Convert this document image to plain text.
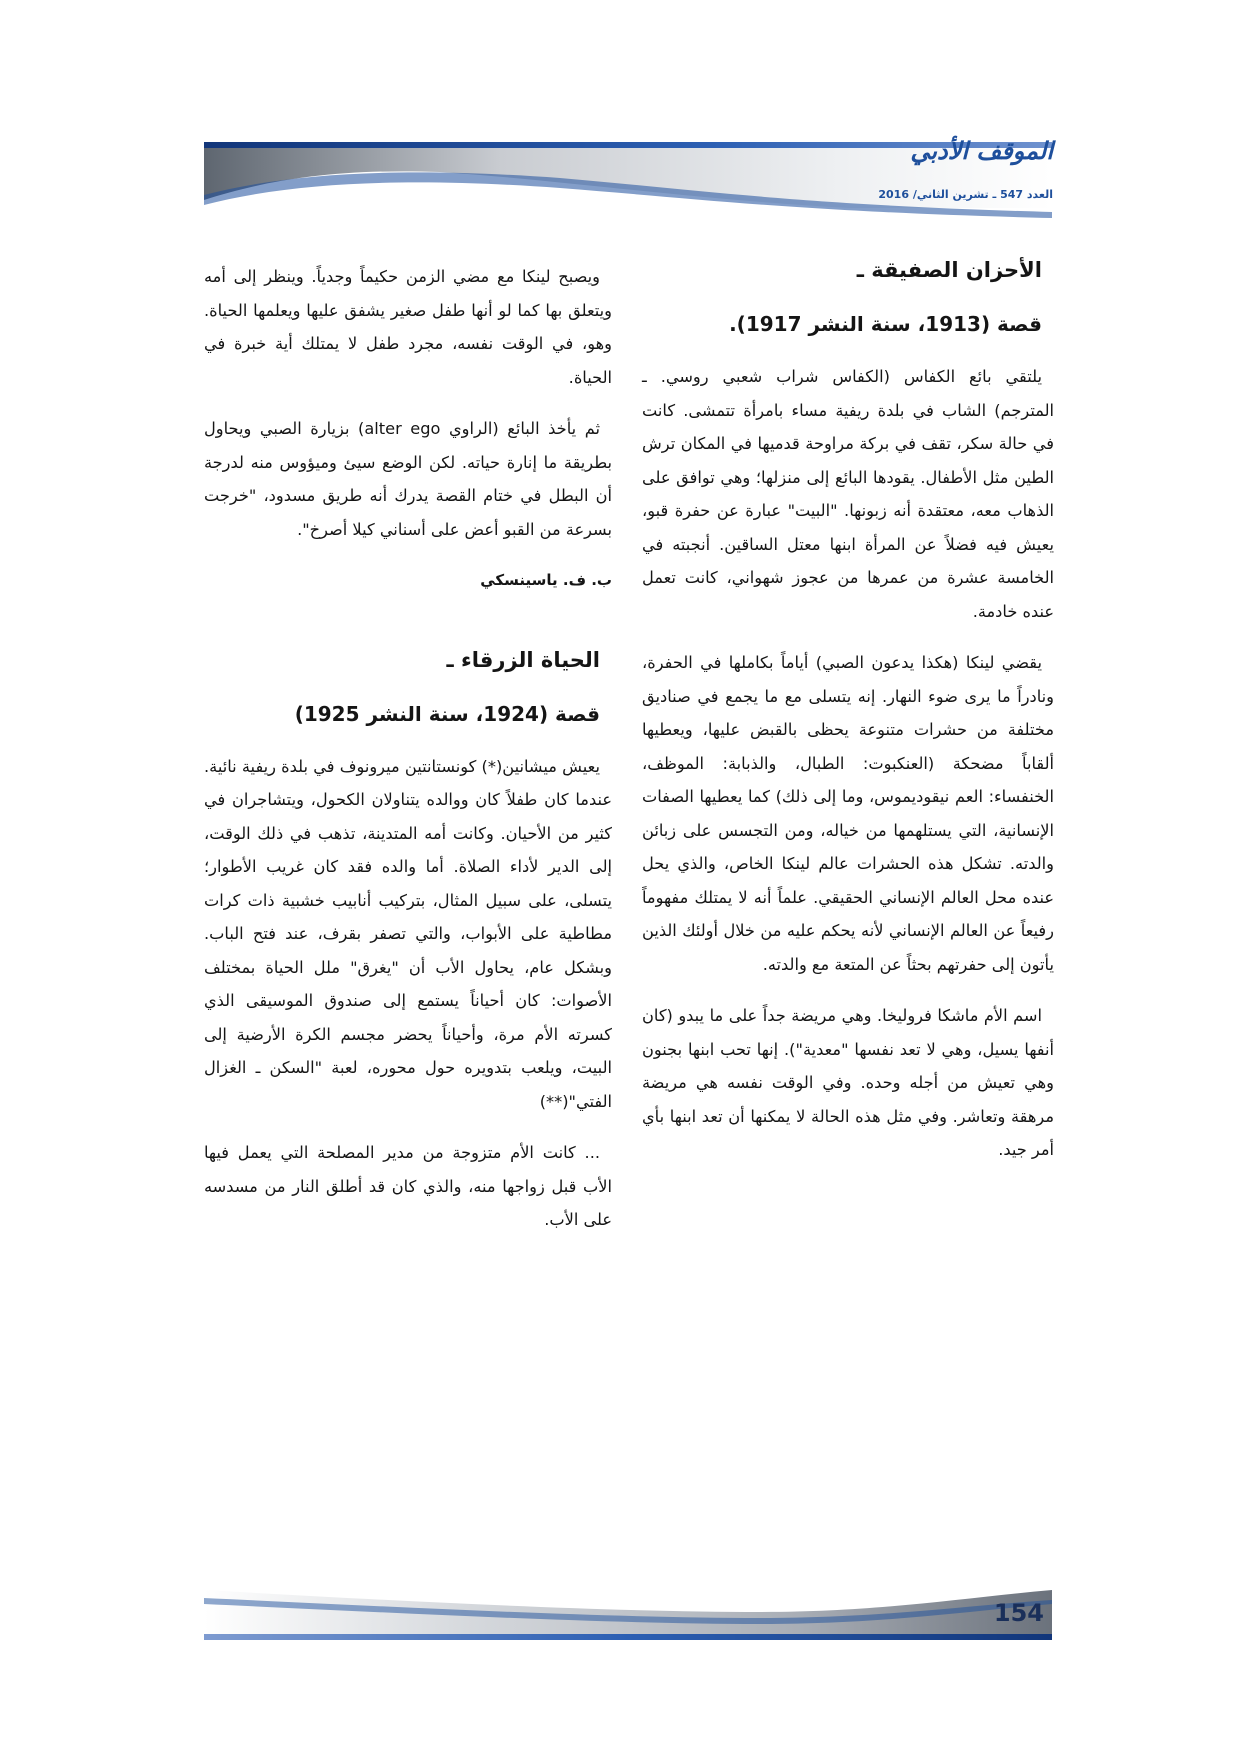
الموقف الأدبي
العدد 547 ـ تشرين الثاني/ 2016

الأحزان الصفيقة ـ

قصة (1913، سنة النشر 1917).

يلتقي بائع الكفاس (الكفاس شراب شعبي روسي. ـ المترجم) الشاب في بلدة ريفية مساء بامرأة تتمشى. كانت في حالة سكر، تقف في بركة مراوحة قدميها في المكان ترش الطين مثل الأطفال. يقودها البائع إلى منزلها؛ وهي توافق على الذهاب معه، معتقدة أنه زبونها. "البيت" عبارة عن حفرة قبو، يعيش فيه فضلاً عن المرأة ابنها معتل الساقين. أنجبته في الخامسة عشرة من عمرها من عجوز شهواني، كانت تعمل عنده خادمة.

يقضي لينكا (هكذا يدعون الصبي) أياماً بكاملها في الحفرة، ونادراً ما يرى ضوء النهار. إنه يتسلى مع ما يجمع في صناديق مختلفة من حشرات متنوعة يحظى بالقبض عليها، ويعطيها ألقاباً مضحكة (العنكبوت: الطبال، والذبابة: الموظف، الخنفساء: العم نيقوديموس، وما إلى ذلك) كما يعطيها الصفات الإنسانية، التي يستلهمها من خياله، ومن التجسس على زبائن والدته. تشكل هذه الحشرات عالم لينكا الخاص، والذي يحل عنده محل العالم الإنساني الحقيقي. علماً أنه لا يمتلك مفهوماً رفيعاً عن العالم الإنساني لأنه يحكم عليه من خلال أولئك الذين يأتون إلى حفرتهم بحثاً عن المتعة مع والدته.

اسم الأم ماشكا فروليخا. وهي مريضة جداً على ما يبدو (كان أنفها يسيل، وهي لا تعد نفسها "معدية"). إنها تحب ابنها بجنون وهي تعيش من أجله وحده. وفي الوقت نفسه هي مريضة مرهقة وتعاشر. وفي مثل هذه الحالة لا يمكنها أن تعد ابنها بأي أمر جيد.

ويصبح لينكا مع مضي الزمن حكيماً وجدياً. وينظر إلى أمه ويتعلق بها كما لو أنها طفل صغير يشفق عليها ويعلمها الحياة. وهو، في الوقت نفسه، مجرد طفل لا يمتلك أية خبرة في الحياة.

ثم يأخذ البائع (الراوي alter ego) بزيارة الصبي ويحاول بطريقة ما إنارة حياته. لكن الوضع سيئ وميؤوس منه لدرجة أن البطل في ختام القصة يدرك أنه طريق مسدود، "خرجت بسرعة من القبو أعض على أسناني كيلا أصرخ".

ب. ف. ياسينسكي

الحياة الزرقاء ـ

قصة (1924، سنة النشر 1925)

يعيش ميشانين(*) كونستانتين ميرونوف في بلدة ريفية نائية. عندما كان طفلاً كان ووالده يتناولان الكحول، ويتشاجران في كثير من الأحيان. وكانت أمه المتدينة، تذهب في ذلك الوقت، إلى الدير لأداء الصلاة. أما والده فقد كان غريب الأطوار؛ يتسلى، على سبيل المثال، بتركيب أنابيب خشبية ذات كرات مطاطية على الأبواب، والتي تصفر بقرف، عند فتح الباب. وبشكل عام، يحاول الأب أن "يغرق" ملل الحياة بمختلف الأصوات: كان أحياناً يستمع إلى صندوق الموسيقى الذي كسرته الأم مرة، وأحياناً يحضر مجسم الكرة الأرضية إلى البيت، ويلعب بتدويره حول محوره، لعبة "السكن ـ الغزال الفتي"(**)

... كانت الأم متزوجة من مدير المصلحة التي يعمل فيها الأب قبل زواجها منه، والذي كان قد أطلق النار من مسدسه على الأب.

154
